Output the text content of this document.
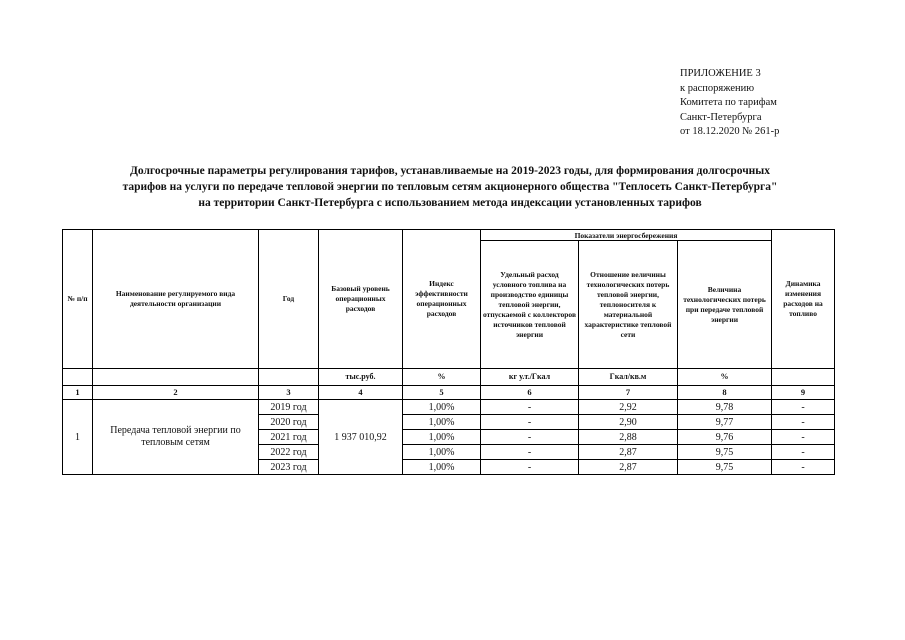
ПРИЛОЖЕНИЕ 3
к распоряжению
Комитета по тарифам
Санкт-Петербурга
от 18.12.2020 № 261-р
Долгосрочные параметры регулирования тарифов, устанавливаемые на 2019-2023 годы, для формирования долгосрочных
тарифов на услуги по передаче тепловой энергии по тепловым сетям акционерного общества "Теплосеть Санкт-Петербурга"
на территории Санкт-Петербурга с использованием метода индексации установленных тарифов
№ п/п	Наименование регулируемого вида деятельности организации	Год	Базовый уровень операционных расходов	Индекс эффективности операционных расходов	Показатели энергосбережения			Динамика изменения расходов на топливо
					Удельный расход условного топлива на производство единицы тепловой энергии, отпускаемой с коллекторов источников тепловой энергии	Отношение величины технологических потерь тепловой энергии, теплоносителя к материальной характеристике тепловой сети	Величина технологических потерь при передаче тепловой энергии	
			тыс.руб.	%	кг у.т./Гкал	Гкал/кв.м	%	
1	2	3	4	5	6	7	8	9
1	Передача тепловой энергии по тепловым сетям	2019 год	1 937 010,92	1,00%	-	2,92	9,78	-
		2020 год		1,00%	-	2,90	9,77	-
		2021 год		1,00%	-	2,88	9,76	-
		2022 год		1,00%	-	2,87	9,75	-
		2023 год		1,00%	-	2,87	9,75	-
